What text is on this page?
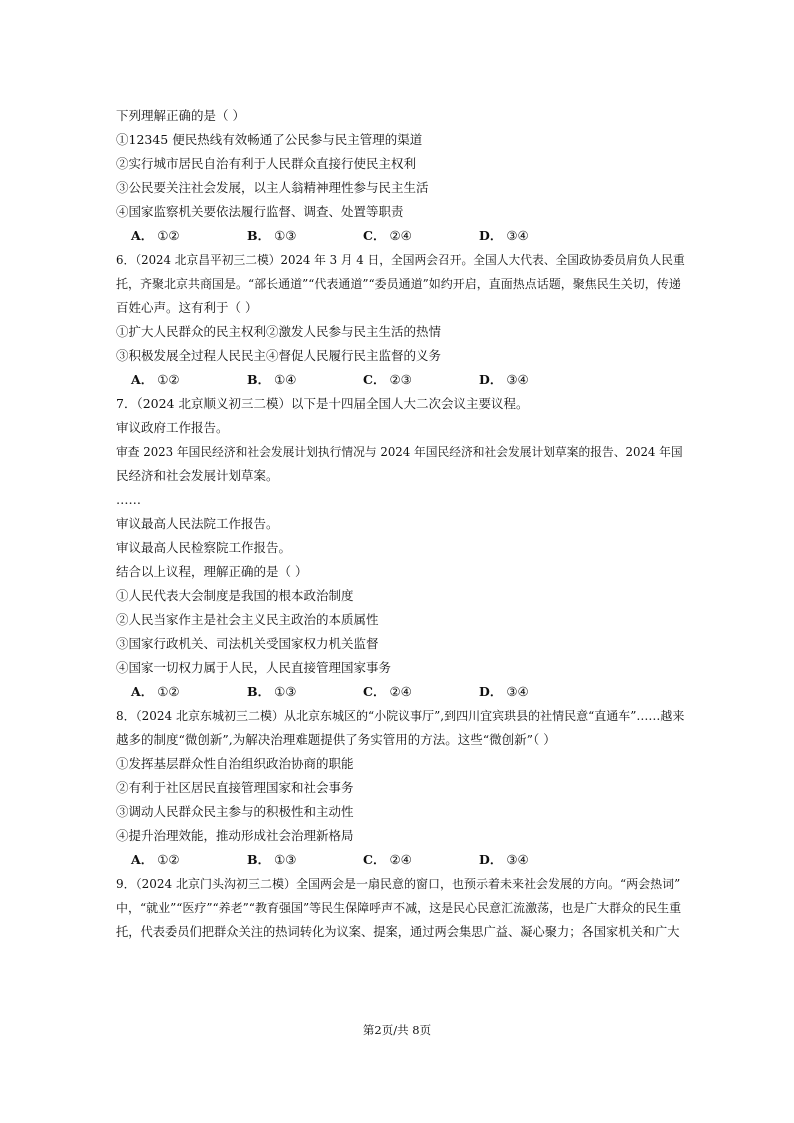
下列理解正确的是（ ）
①12345 便民热线有效畅通了公民参与民主管理的渠道
②实行城市居民自治有利于人民群众直接行使民主权利
③公民要关注社会发展，以主人翁精神理性参与民主生活
④国家监察机关要依法履行监督、调查、处置等职责
A． ①②	B． ①③	C． ②④	D． ③④
6．（2024 北京昌平初三二模）2024 年 3 月 4 日，全国两会召开。全国人大代表、全国政协委员肩负人民重
托，齐聚北京共商国是。“部长通道”“代表通道”“委员通道”如约开启，直面热点话题，聚焦民生关切，传递
百姓心声。这有利于（ ）
①扩大人民群众的民主权利②激发人民参与民主生活的热情
③积极发展全过程人民民主④督促人民履行民主监督的义务
A． ①②	B． ①④	C． ②③	D． ③④
7．（2024 北京顺义初三二模）以下是十四届全国人大二次会议主要议程。
审议政府工作报告。
审查 2023 年国民经济和社会发展计划执行情况与 2024 年国民经济和社会发展计划草案的报告、2024 年国
民经济和社会发展计划草案。
……
审议最高人民法院工作报告。
审议最高人民检察院工作报告。
结合以上议程，理解正确的是（ ）
①人民代表大会制度是我国的根本政治制度
②人民当家作主是社会主义民主政治的本质属性
③国家行政机关、司法机关受国家权力机关监督
④国家一切权力属于人民，人民直接管理国家事务
A． ①②	B． ①③	C． ②④	D． ③④
8．（2024 北京东城初三二模）从北京东城区的“小院议事厅”,到四川宜宾珙县的社情民意“直通车”……越来
越多的制度“微创新”,为解决治理难题提供了务实管用的方法。这些“微创新”（ ）
①发挥基层群众性自治组织政治协商的职能
②有利于社区居民直接管理国家和社会事务
③调动人民群众民主参与的积极性和主动性
④提升治理效能，推动形成社会治理新格局
A． ①②	B． ①③	C． ②④	D． ③④
9．（2024 北京门头沟初三二模）全国两会是一扇民意的窗口，也预示着未来社会发展的方向。“两会热词”
中，“就业”“医疗”“养老”“教育强国”等民生保障呼声不减，这是民心民意汇流激荡，也是广大群众的民生重
托，代表委员们把群众关注的热词转化为议案、提案，通过两会集思广益、凝心聚力；各国家机关和广大
第2页/共 8页
